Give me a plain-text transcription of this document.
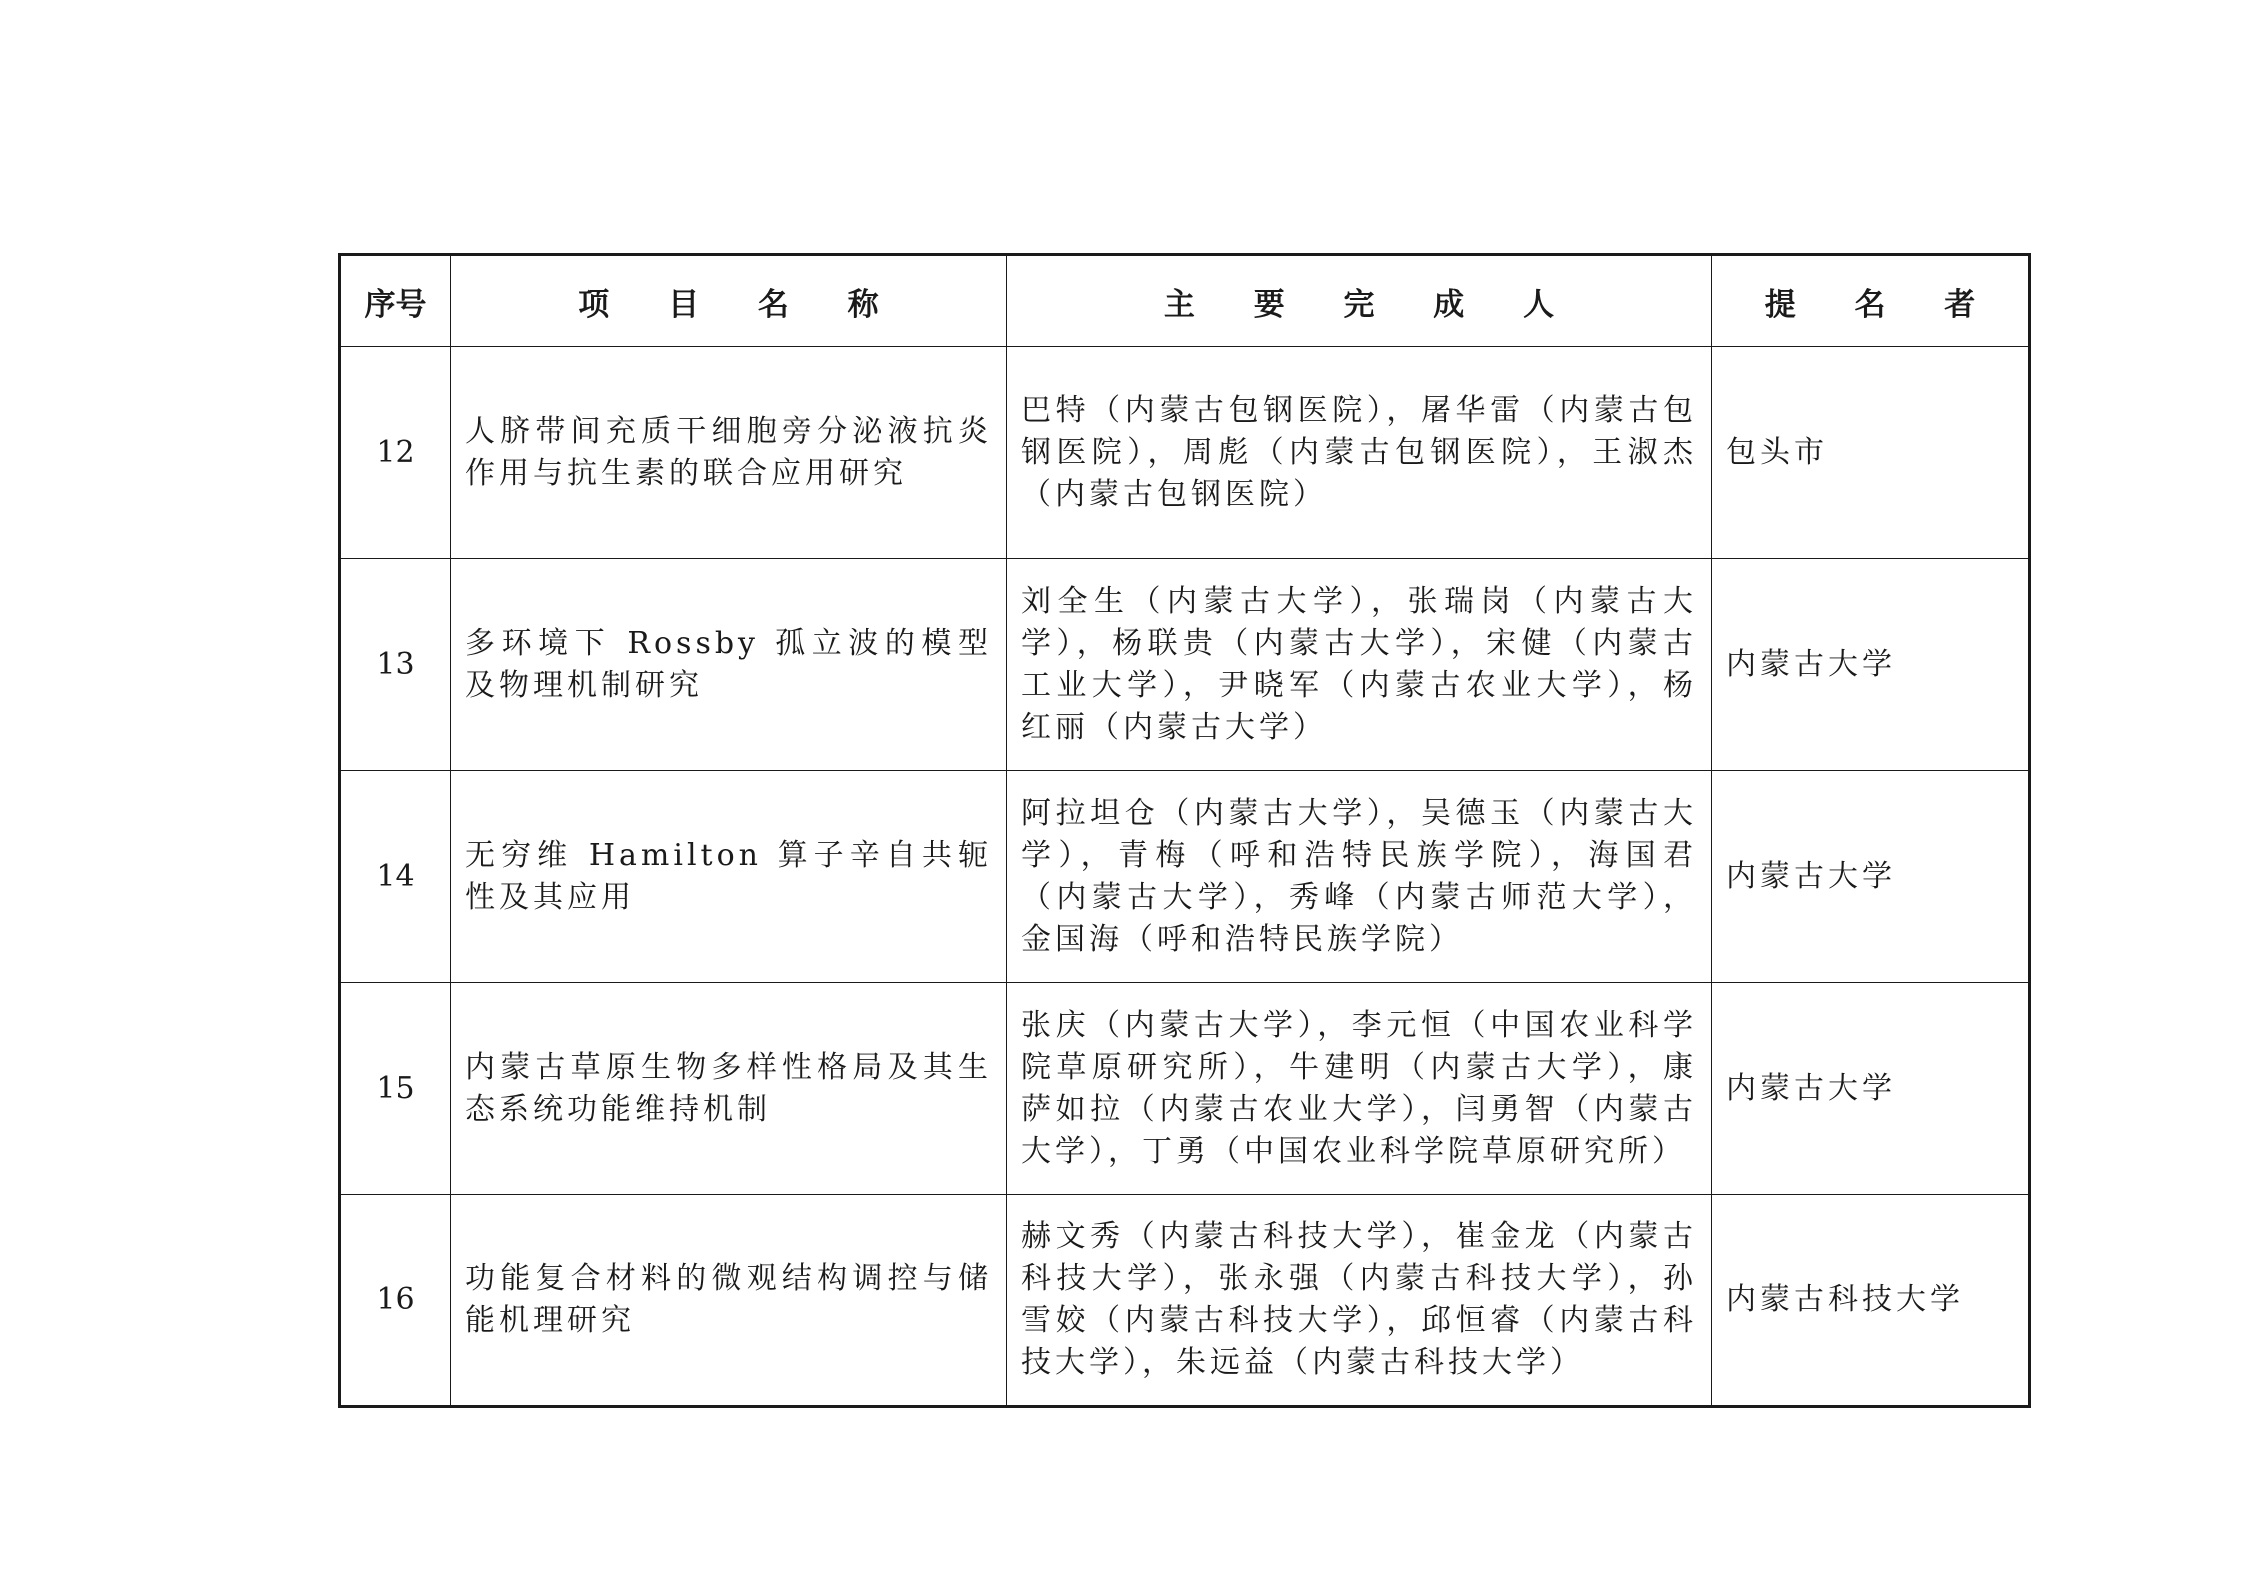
序号	项 目 名 称	主 要 完 成 人	提 名 者
12	人脐带间充质干细胞旁分泌液抗炎作用与抗生素的联合应用研究	巴特（内蒙古包钢医院），屠华雷（内蒙古包钢医院），周彪（内蒙古包钢医院），王淑杰（内蒙古包钢医院）	包头市
13	多环境下 Rossby 孤立波的模型及物理机制研究	刘全生（内蒙古大学），张瑞岗（内蒙古大学），杨联贵（内蒙古大学），宋健（内蒙古工业大学），尹晓军（内蒙古农业大学），杨红丽（内蒙古大学）	内蒙古大学
14	无穷维 Hamilton 算子辛自共轭性及其应用	阿拉坦仓（内蒙古大学），吴德玉（内蒙古大学），青梅（呼和浩特民族学院），海国君（内蒙古大学），秀峰（内蒙古师范大学），金国海（呼和浩特民族学院）	内蒙古大学
15	内蒙古草原生物多样性格局及其生态系统功能维持机制	张庆（内蒙古大学），李元恒（中国农业科学院草原研究所），牛建明（内蒙古大学），康萨如拉（内蒙古农业大学），闫勇智（内蒙古大学），丁勇（中国农业科学院草原研究所）	内蒙古大学
16	功能复合材料的微观结构调控与储能机理研究	赫文秀（内蒙古科技大学），崔金龙（内蒙古科技大学），张永强（内蒙古科技大学），孙雪姣（内蒙古科技大学），邱恒睿（内蒙古科技大学），朱远益（内蒙古科技大学）	内蒙古科技大学
